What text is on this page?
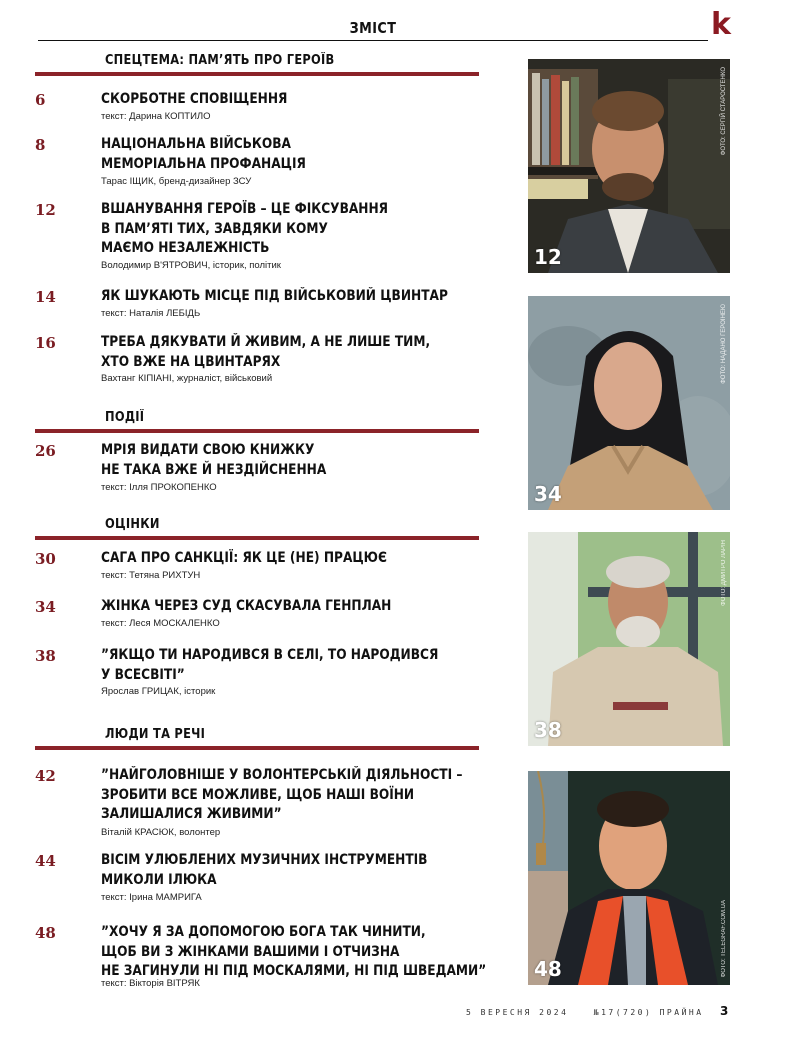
ЗМІСТ	k
СПЕЦТЕМА: ПАМ’ЯТЬ ПРО ГЕРОЇВ
6	СКОРБОТНЕ СПОВІЩЕННЯ
текст: Дарина КОПТИЛО
8	НАЦІОНАЛЬНА ВІЙСЬКОВА
МЕМОРІАЛЬНА ПРОФАНАЦІЯ
Тарас ІЩИК, бренд-дизайнер ЗСУ
12	ВШАНУВАННЯ ГЕРОЇВ – ЦЕ ФІКСУВАННЯ
В ПАМ’ЯТІ ТИХ, ЗАВДЯКИ КОМУ
МАЄМО НЕЗАЛЕЖНІСТЬ
Володимир В'ЯТРОВИЧ, історик, політик
14	ЯК ШУКАЮТЬ МІСЦЕ ПІД ВІЙСЬКОВИЙ ЦВИНТАР
текст: Наталія ЛЕБІДЬ
16	ТРЕБА ДЯКУВАТИ Й ЖИВИМ, А НЕ ЛИШЕ ТИМ,
ХТО ВЖЕ НА ЦВИНТАРЯХ
Вахтанг КІПІАНІ, журналіст, військовий
ПОДІЇ
26	МРІЯ ВИДАТИ СВОЮ КНИЖКУ
НЕ ТАКА ВЖЕ Й НЕЗДІЙСНЕННА
текст: Ілля ПРОКОПЕНКО
ОЦІНКИ
30	САГА ПРО САНКЦІЇ: ЯК ЦЕ (НЕ) ПРАЦЮЄ
текст: Тетяна РИХТУН
34	ЖІНКА ЧЕРЕЗ СУД СКАСУВАЛА ГЕНПЛАН
текст: Леся МОСКАЛЕНКО
38	”ЯКЩО ТИ НАРОДИВСЯ В СЕЛІ, ТО НАРОДИВСЯ
У ВСЕСВІТІ”
Ярослав ГРИЦАК, історик
ЛЮДИ ТА РЕЧІ
42	”НАЙГОЛОВНІШЕ У ВОЛОНТЕРСЬКІЙ ДІЯЛЬНОСТІ –
ЗРОБИТИ ВСЕ МОЖЛИВЕ, ЩОБ НАШІ ВОЇНИ
ЗАЛИШАЛИСЯ ЖИВИМИ”
Віталій КРАСЮК, волонтер
44	ВІСІМ УЛЮБЛЕНИХ МУЗИЧНИХ ІНСТРУМЕНТІВ
МИКОЛИ ІЛЮКА
текст: Ірина МАМРИГА
48	”ХОЧУ Я ЗА ДОПОМОГОЮ БОГА ТАК ЧИНИТИ,
ЩОБ ВИ З ЖІНКАМИ ВАШИМИ І ОТЧИЗНА
НЕ ЗАГИНУЛИ НІ ПІД МОСКАЛЯМИ, НІ ПІД ШВЕДАМИ”
текст: Вікторія ВІТРЯК
12
ФОТО: СЕРГІЙ СТАРОСТЕНКО
34
ФОТО: НАДАНО ГЕРОЇНЕЮ
38
ФОТО: ДМИТРО ЛАРІН
48	ФОТО: TELEGRAF.COM.UA
5 ВЕРЕСНЯ 2024	№17(720) ПРАЙНА	3
